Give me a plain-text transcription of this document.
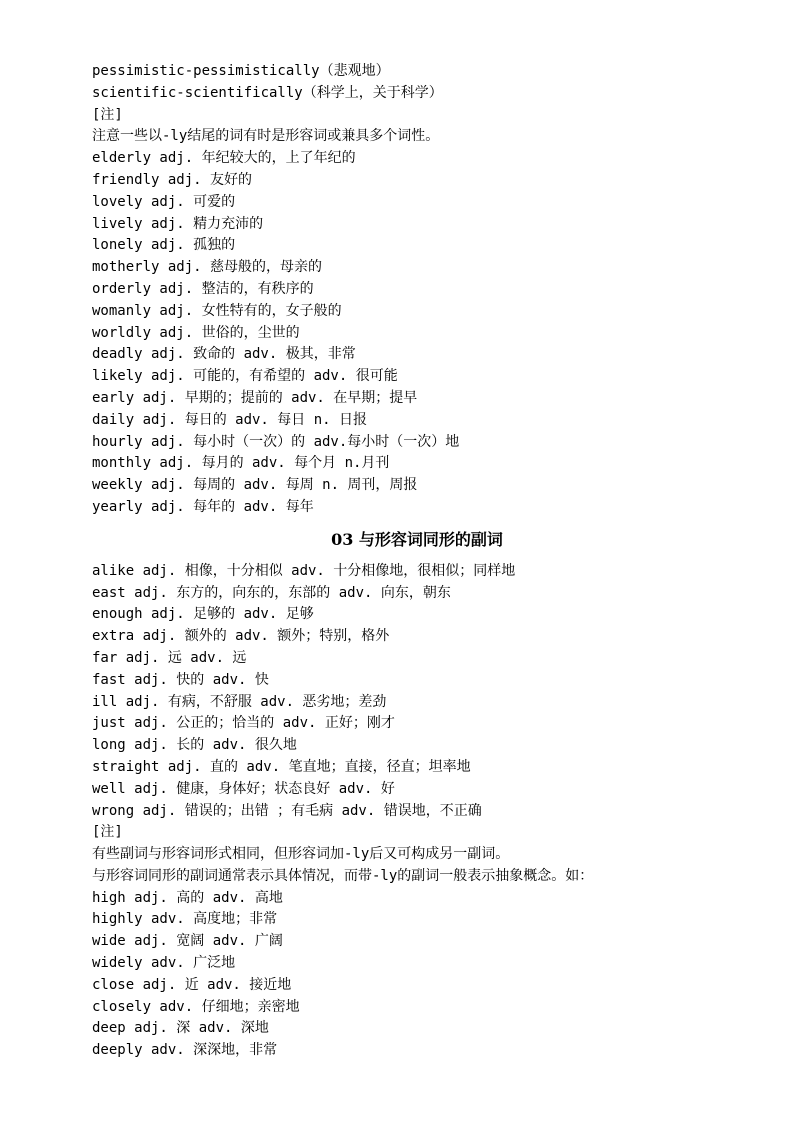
pessimistic-pessimistically（悲观地）
scientific-scientifically（科学上，关于科学）
[注]
注意一些以-ly结尾的词有时是形容词或兼具多个词性。
elderly adj. 年纪较大的，上了年纪的
friendly adj. 友好的
lovely adj. 可爱的
lively adj. 精力充沛的
lonely adj. 孤独的
motherly adj. 慈母般的，母亲的
orderly adj. 整洁的，有秩序的
womanly adj. 女性特有的，女子般的
worldly adj. 世俗的，尘世的
deadly adj. 致命的 adv. 极其，非常
likely adj. 可能的，有希望的 adv. 很可能
early adj. 早期的；提前的 adv. 在早期；提早
daily adj. 每日的 adv. 每日 n. 日报
hourly adj. 每小时（一次）的 adv.每小时（一次）地
monthly adj. 每月的 adv. 每个月 n.月刊
weekly adj. 每周的 adv. 每周 n. 周刊，周报
yearly adj. 每年的 adv. 每年
03 与形容词同形的副词
alike adj. 相像，十分相似 adv. 十分相像地，很相似；同样地
east adj. 东方的，向东的，东部的 adv. 向东，朝东
enough adj. 足够的 adv. 足够
extra adj. 额外的 adv. 额外；特别，格外
far adj. 远 adv. 远
fast adj. 快的 adv. 快
ill adj. 有病，不舒服 adv. 恶劣地；差劲
just adj. 公正的；恰当的 adv. 正好；刚才
long adj. 长的 adv. 很久地
straight adj. 直的 adv. 笔直地；直接，径直；坦率地
well adj. 健康，身体好；状态良好 adv. 好
wrong adj. 错误的；出错 ；有毛病 adv. 错误地，不正确
[注]
有些副词与形容词形式相同，但形容词加-ly后又可构成另一副词。
与形容词同形的副词通常表示具体情况，而带-ly的副词一般表示抽象概念。如：
high adj. 高的 adv. 高地
highly adv. 高度地；非常
wide adj. 宽阔 adv. 广阔
widely adv. 广泛地
close adj. 近 adv. 接近地
closely adv. 仔细地；亲密地
deep adj. 深 adv. 深地
deeply adv. 深深地，非常
